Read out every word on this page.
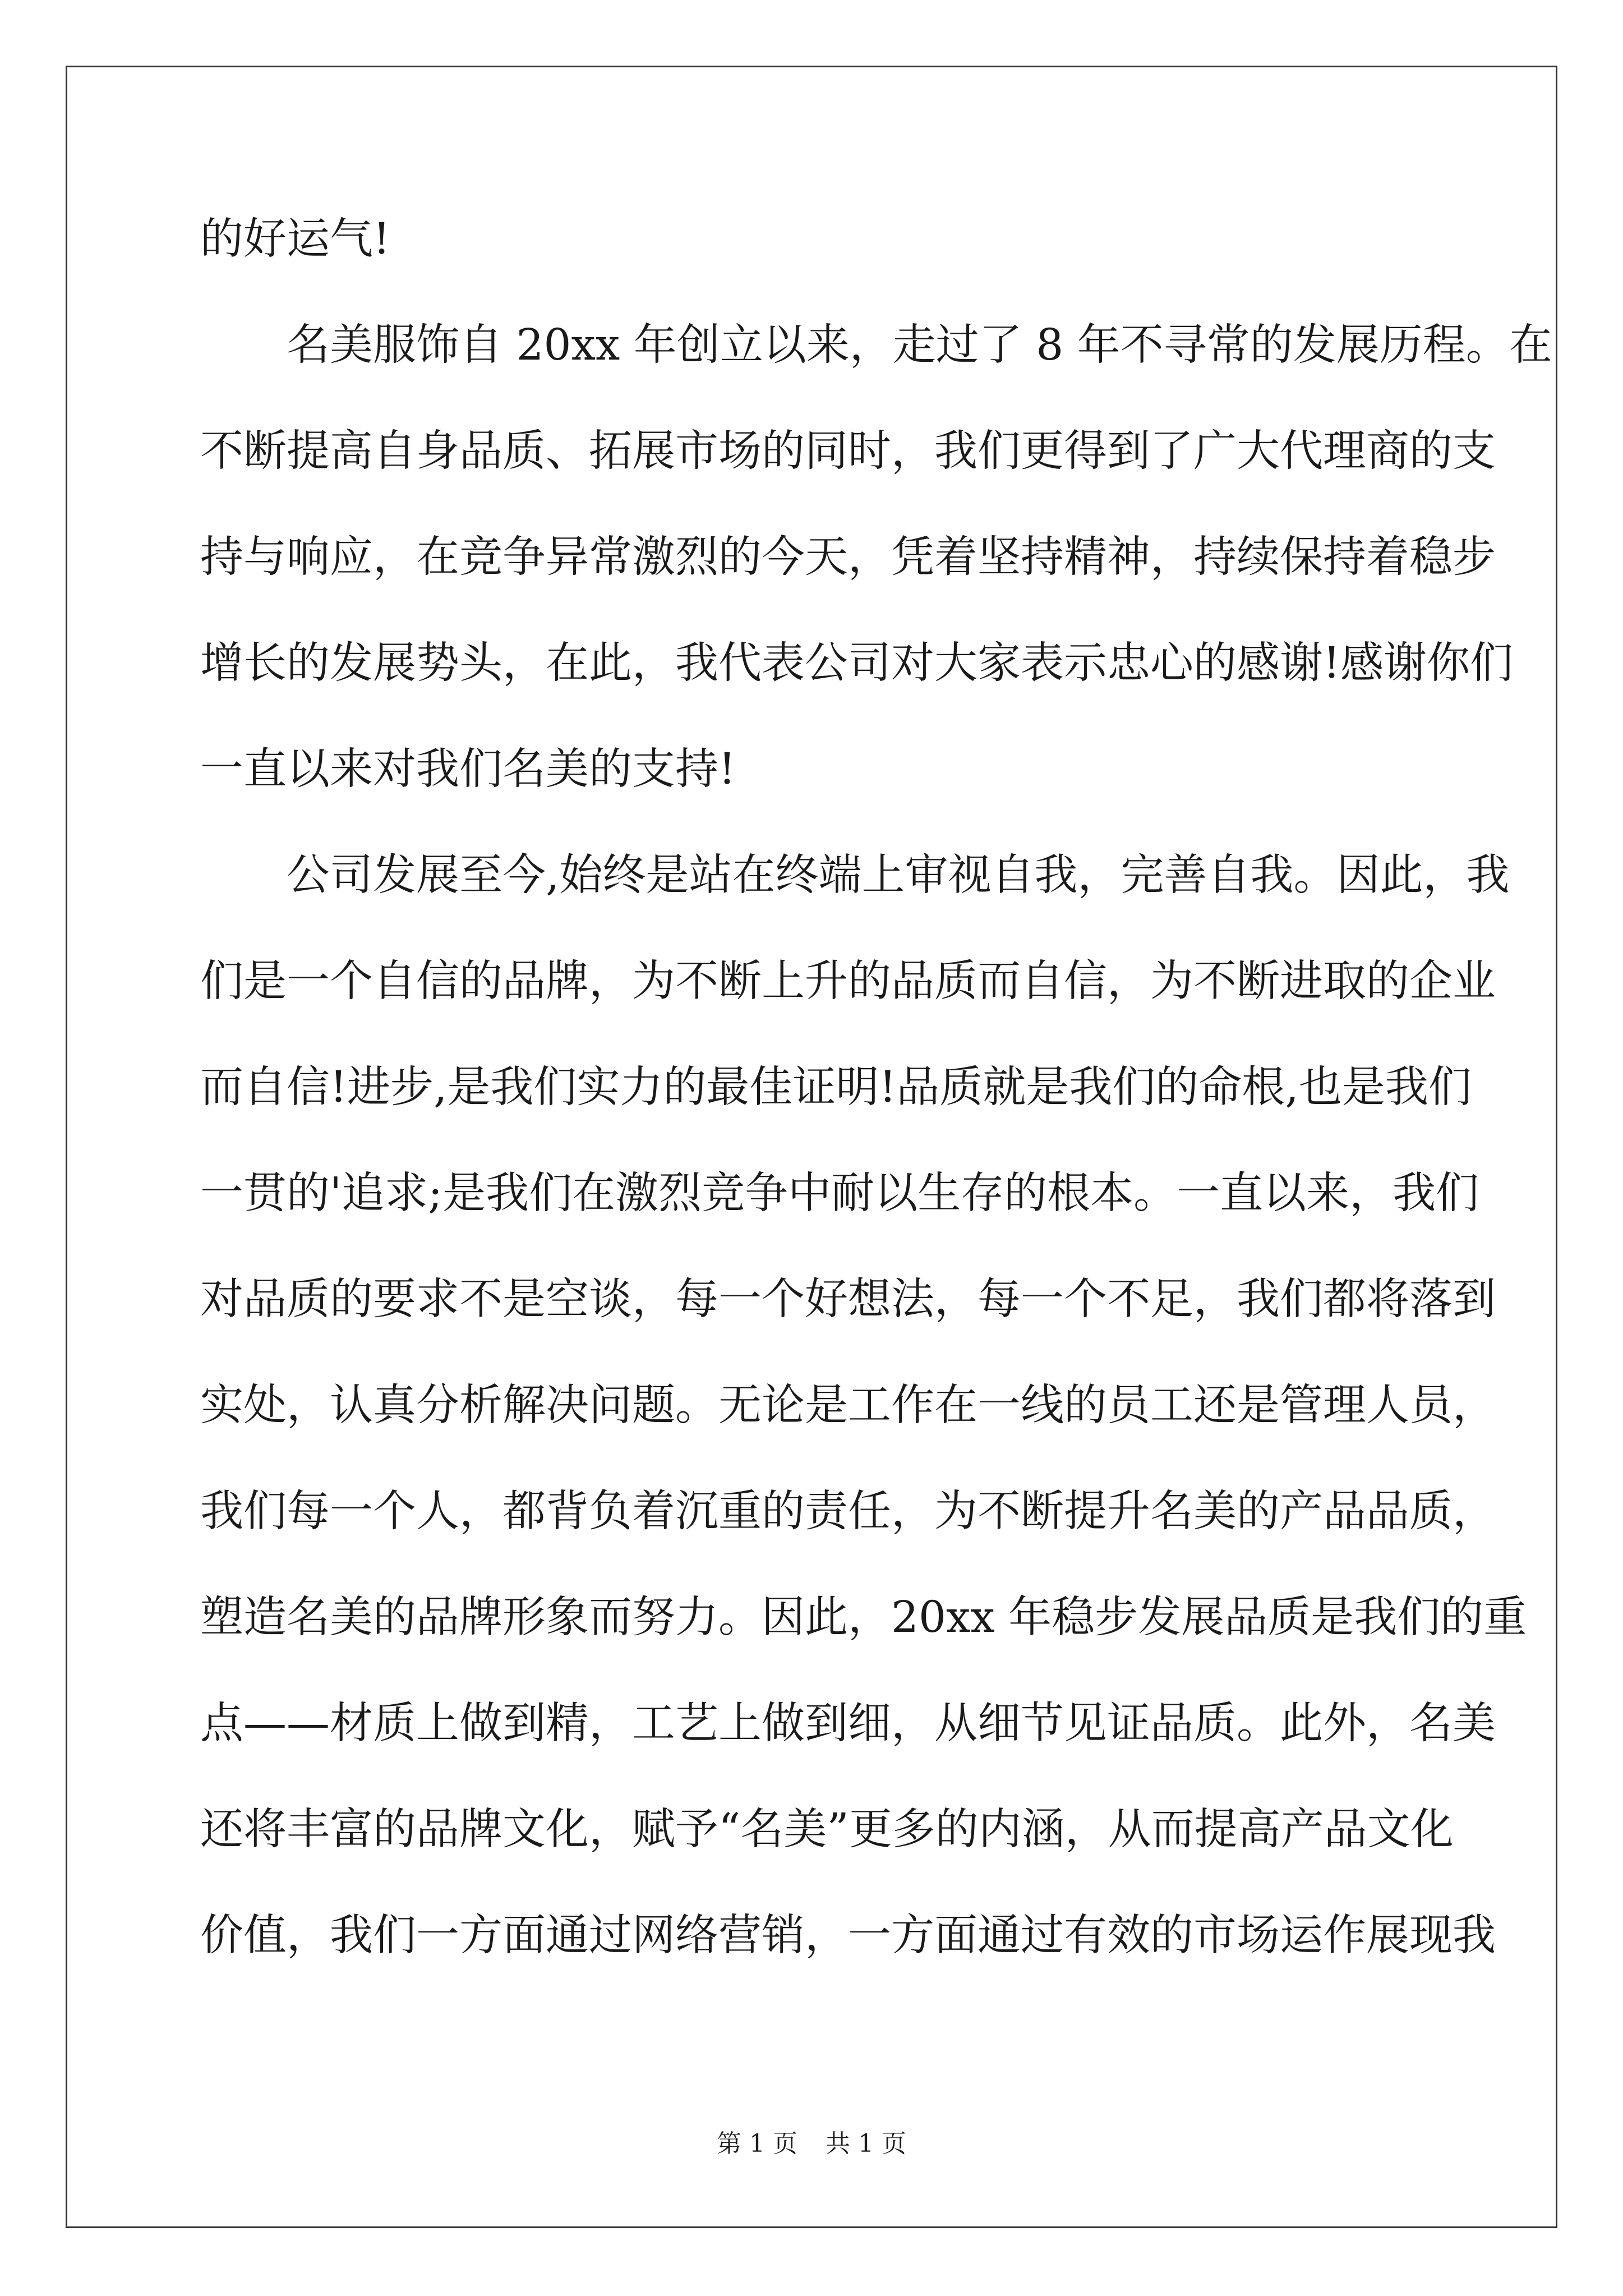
的好运气!
名美服饰自 20xx 年创立以来，走过了 8 年不寻常的发展历程。在
不断提高自身品质、拓展市场的同时，我们更得到了广大代理商的支
持与响应，在竞争异常激烈的今天，凭着坚持精神，持续保持着稳步
增长的发展势头，在此，我代表公司对大家表示忠心的感谢!感谢你们
一直以来对我们名美的支持!
公司发展至今,始终是站在终端上审视自我，完善自我。因此，我
们是一个自信的品牌，为不断上升的品质而自信，为不断进取的企业
而自信!进步,是我们实力的最佳证明!品质就是我们的命根,也是我们
一贯的'追求;是我们在激烈竞争中耐以生存的根本。一直以来，我们
对品质的要求不是空谈，每一个好想法，每一个不足，我们都将落到
实处，认真分析解决问题。无论是工作在一线的员工还是管理人员，
我们每一个人，都背负着沉重的责任，为不断提升名美的产品品质，
塑造名美的品牌形象而努力。因此，20xx 年稳步发展品质是我们的重
点——材质上做到精，工艺上做到细，从细节见证品质。此外，名美
还将丰富的品牌文化，赋予“名美”更多的内涵，从而提高产品文化
价值，我们一方面通过网络营销，一方面通过有效的市场运作展现我
第 1 页 共 1 页
